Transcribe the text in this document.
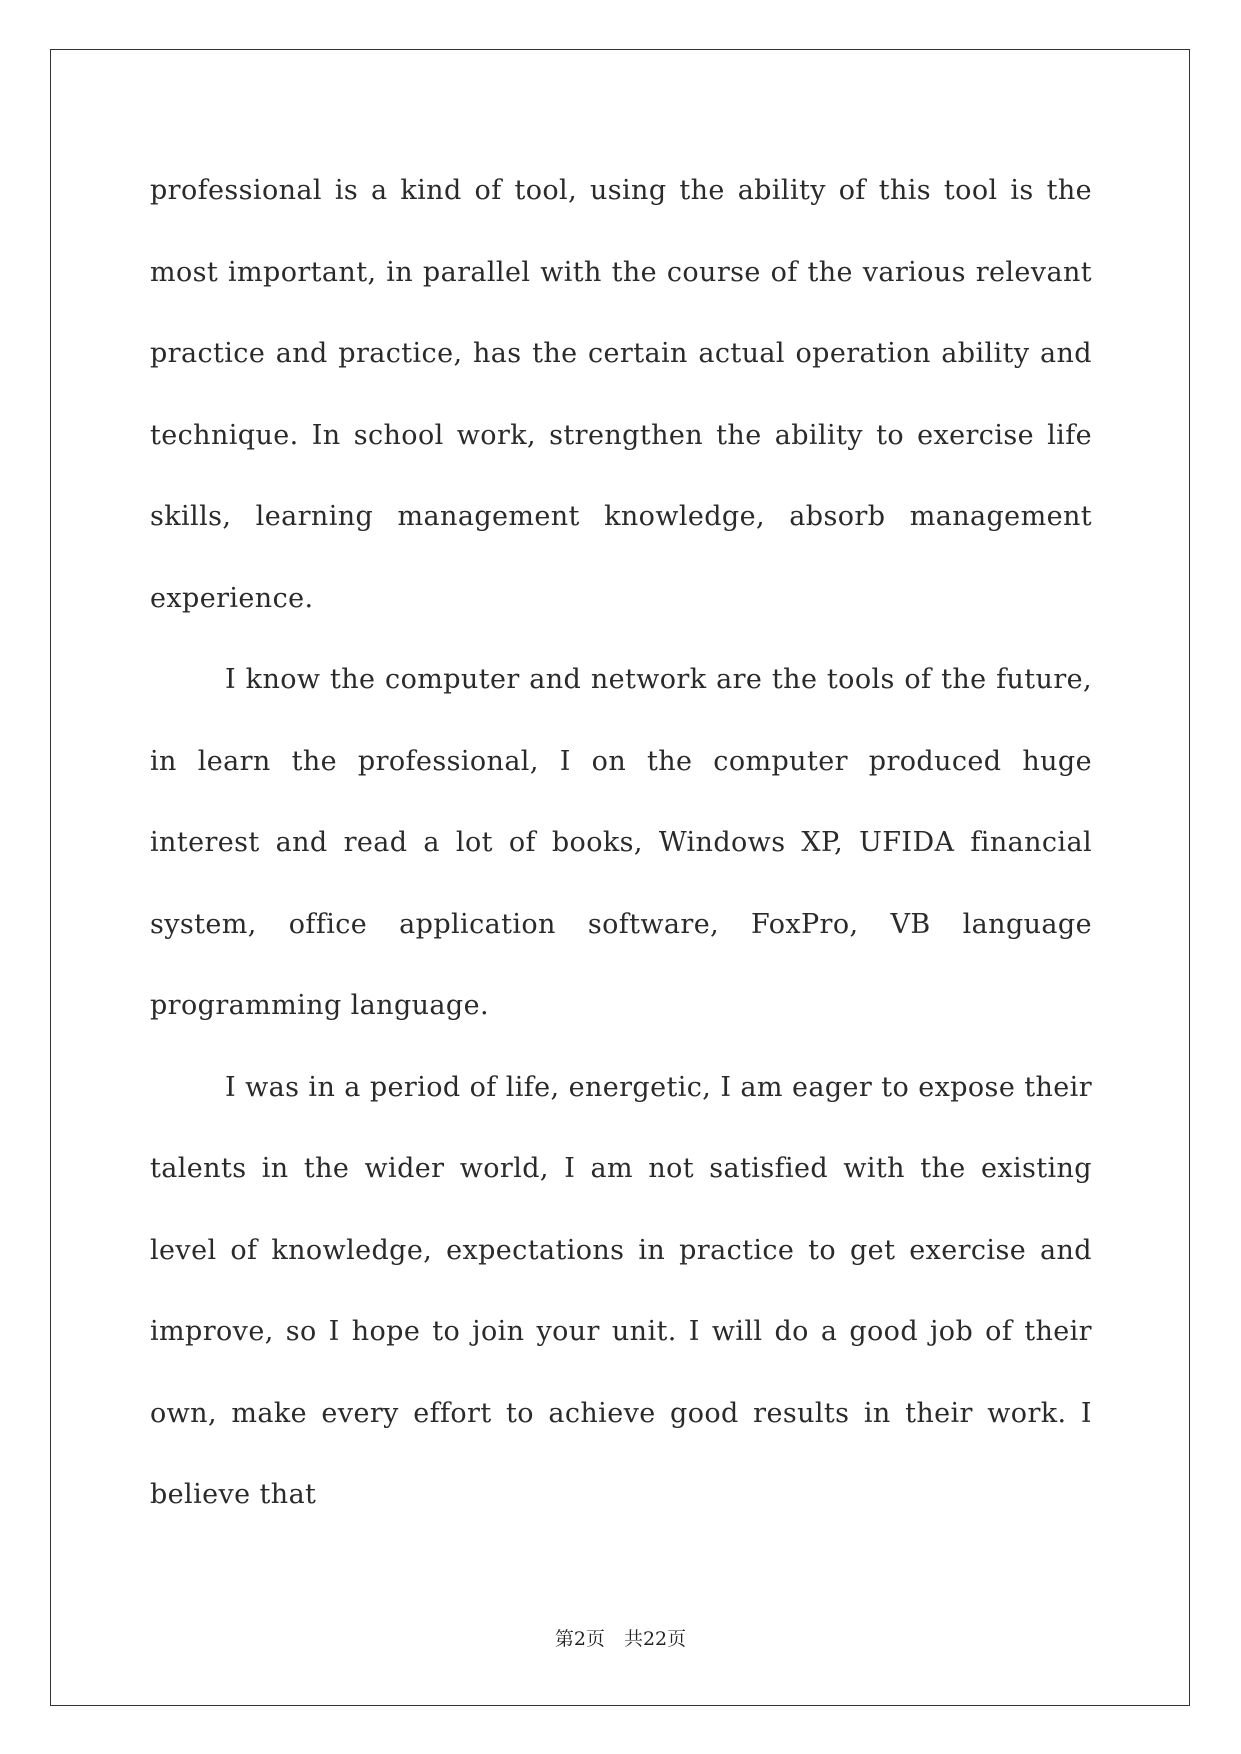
professional is a kind of tool, using the ability of this tool is the most important, in parallel with the course of the various relevant practice and practice, has the certain actual operation ability and technique. In school work, strengthen the ability to exercise life skills, learning management knowledge, absorb management experience.

I know the computer and network are the tools of the future, in learn the professional, I on the computer produced huge interest and read a lot of books, Windows XP, UFIDA financial system, office application software, FoxPro, VB language programming language.

I was in a period of life, energetic, I am eager to expose their talents in the wider world, I am not satisfied with the existing level of knowledge, expectations in practice to get exercise and improve, so I hope to join your unit. I will do a good job of their own, make every effort to achieve good results in their work. I believe that

第2页　共22页
